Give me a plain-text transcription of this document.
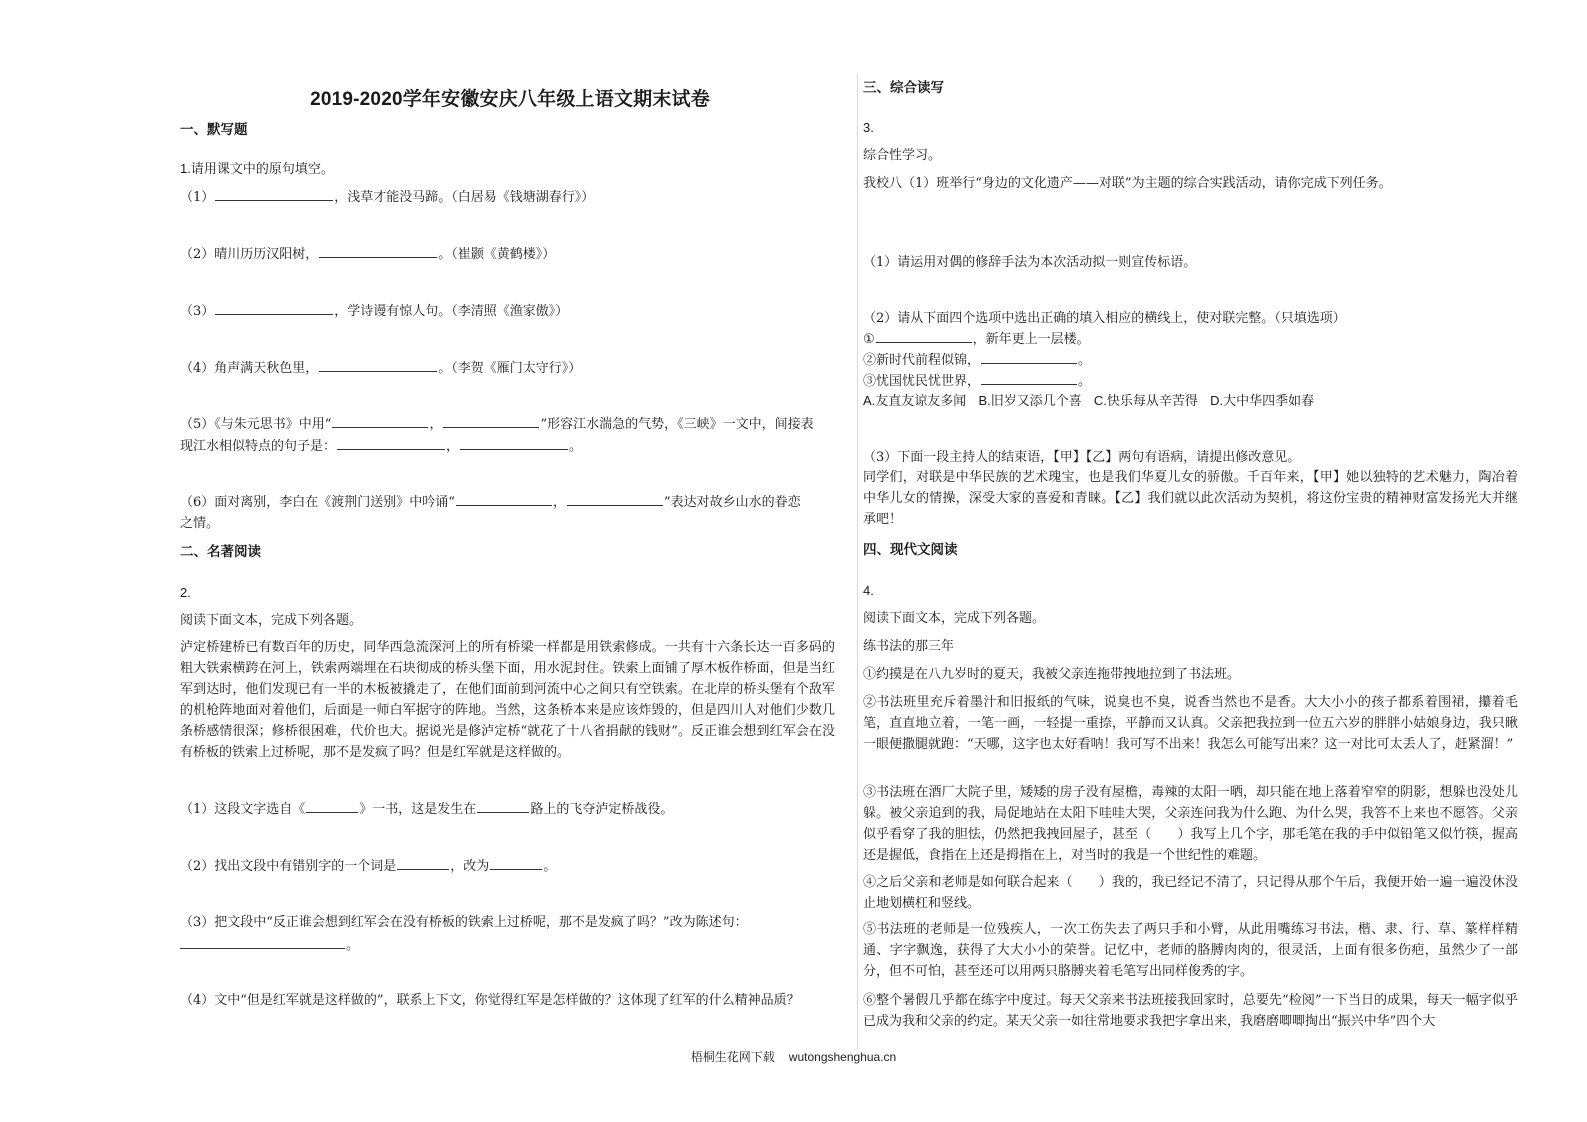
2019-2020学年安徽安庆八年级上语文期末试卷
一、默写题
1.请用课文中的原句填空。
（1）	，浅草才能没马蹄。（白居易《钱塘湖春行》）
（2）晴川历历汉阳树，	。（崔颢《黄鹤楼》）
（3）	，学诗谩有惊人句。（李清照《渔家傲》）
（4）角声满天秋色里，	。（李贺《雁门太守行》）
（5）《与朱元思书》中用“	，	”形容江水湍急的气势，《三峡》一文中，间接表
现江水相似特点的句子是：	，	。
（6）面对离别，李白在《渡荆门送别》中吟诵“	，	”表达对故乡山水的眷恋
之情。
二、名著阅读
2.
阅读下面文本，完成下列各题。
泸定桥建桥已有数百年的历史，同华西急流深河上的所有桥梁一样都是用铁索修成。一共有十六条长达一百多码的粗大铁索横跨在河上，铁索两端埋在石块彻成的桥头堡下面，用水泥封住。铁索上面铺了厚木板作桥面，但是当红军到达时，他们发现已有一半的木板被撬走了，在他们面前到河流中心之间只有空铁索。在北岸的桥头堡有个敌军的机枪阵地面对着他们，后面是一师白军据守的阵地。当然，这条桥本来是应该炸毁的，但是四川人对他们少数几条桥感情很深；修桥很困难，代价也大。据说光是修泸定桥“就花了十八省捐献的钱财”。反正谁会想到红军会在没有桥板的铁索上过桥呢，那不是发疯了吗？但是红军就是这样做的。
（1）这段文字选自《	》一书，这是发生在	路上的飞夺泸定桥战役。
（2）找出文段中有错别字的一个词是	，改为	。
（3）把文段中“反正谁会想到红军会在没有桥板的铁索上过桥呢，那不是发疯了吗？”改为陈述句：
。
（4）文中“但是红军就是这样做的”，联系上下文，你觉得红军是怎样做的？这体现了红军的什么精神品质？
三、综合读写
3.
综合性学习。
我校八（1）班举行“身边的文化遗产——对联”为主题的综合实践活动，请你完成下列任务。
（1）请运用对偶的修辞手法为本次活动拟一则宣传标语。
（2）请从下面四个选项中选出正确的填入相应的横线上，使对联完整。（只填选项）
①	，新年更上一层楼。
②新时代前程似锦，	。
③忧国忧民忧世界，	。
A.友直友谅友多闻 B.旧岁又添几个喜 C.快乐每从辛苦得 D.大中华四季如春
（3）下面一段主持人的结束语，【甲】【乙】两句有语病，请提出修改意见。
同学们，对联是中华民族的艺术瑰宝，也是我们华夏儿女的骄傲。千百年来，【甲】她以独特的艺术魅力，陶冶着中华儿女的情操，深受大家的喜爱和青睐。【乙】我们就以此次活动为契机，将这份宝贵的精神财富发扬光大并继承吧！
四、现代文阅读
4.
阅读下面文本，完成下列各题。
练书法的那三年
①约摸是在八九岁时的夏天，我被父亲连拖带拽地拉到了书法班。
②书法班里充斥着墨汁和旧报纸的气味，说臭也不臭，说香当然也不是香。大大小小的孩子都系着围裙，攥着毛笔，直直地立着，一笔一画，一轻提一重捺，平静而又认真。父亲把我拉到一位五六岁的胖胖小姑娘身边，我只瞅一眼便撒腿就跑：“天哪，这字也太好看呐！我可写不出来！我怎么可能写出来？这一对比可太丢人了，赶紧溜！”
③书法班在酒厂大院子里，矮矮的房子没有屋檐，毒辣的太阳一晒，却只能在地上落着窄窄的阴影，想躲也没处儿躲。被父亲追到的我，局促地站在太阳下哇哇大哭，父亲连问我为什么跑、为什么哭，我答不上来也不愿答。父亲似乎看穿了我的胆怯，仍然把我拽回屋子，甚至（　　）我写上几个字，那毛笔在我的手中似铅笔又似竹筷，握高还是握低，食指在上还是拇指在上，对当时的我是一个世纪性的难题。
④之后父亲和老师是如何联合起来（　　）我的，我已经记不清了，只记得从那个午后，我便开始一遍一遍没休没止地划横杠和竖线。
⑤书法班的老师是一位残疾人，一次工伤失去了两只手和小臂，从此用嘴练习书法，楷、隶、行、草、篆样样精通、字字飘逸，获得了大大小小的荣誉。记忆中，老师的胳膊肉肉的，很灵活，上面有很多伤疤，虽然少了一部分，但不可怕，甚至还可以用两只胳膊夹着毛笔写出同样俊秀的字。
⑥整个暑假几乎都在练字中度过。每天父亲来书法班接我回家时，总要先“检阅”一下当日的成果，每天一幅字似乎已成为我和父亲的约定。某天父亲一如往常地要求我把字拿出来，我磨磨唧唧掏出“振兴中华”四个大
梧桐生花网下载 wutongshenghua.cn
